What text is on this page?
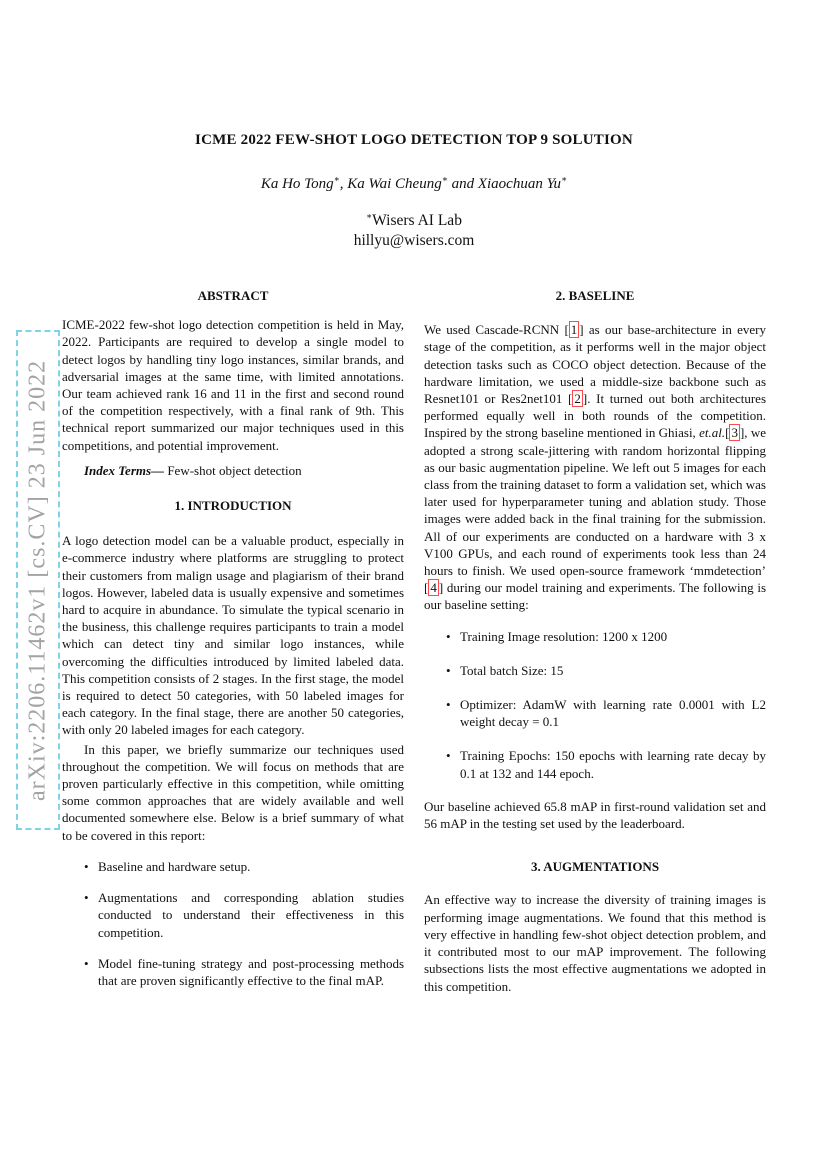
arXiv:2206.11462v1 [cs.CV] 23 Jun 2022
ICME 2022 FEW-SHOT LOGO DETECTION TOP 9 SOLUTION
Ka Ho Tong∗, Ka Wai Cheung∗ and Xiaochuan Yu∗
∗Wisers AI Lab
hillyu@wisers.com
ABSTRACT

ICME-2022 few-shot logo detection competition is held in May, 2022. Participants are required to develop a single model to detect logos by handling tiny logo instances, similar brands, and adversarial images at the same time, with limited annotations. Our team achieved rank 16 and 11 in the first and second round of the competition respectively, with a final rank of 9th. This technical report summarized our major techniques used in this competitions, and potential improvement.

Index Terms— Few-shot object detection

1. INTRODUCTION

A logo detection model can be a valuable product, especially in e-commerce industry where platforms are struggling to protect their customers from malign usage and plagiarism of their brand logos. However, labeled data is usually expensive and sometimes hard to acquire in abundance. To simulate the typical scenario in the business, this challenge requires participants to train a model which can detect tiny and similar logo instances, while overcoming the difficulties introduced by limited labeled data. This competition consists of 2 stages. In the first stage, the model is required to detect 50 categories, with 50 labeled images for each category. In the final stage, there are another 50 categories, with only 20 labeled images for each category.

In this paper, we briefly summarize our techniques used throughout the competition. We will focus on methods that are proven particularly effective in this competition, while omitting some common approaches that are widely available and well documented somewhere else. Below is a brief summary of what to be covered in this report:

• Baseline and hardware setup.
• Augmentations and corresponding ablation studies conducted to understand their effectiveness in this competition.
• Model fine-tuning strategy and post-processing methods that are proven significantly effective to the final mAP.
2. BASELINE

We used Cascade-RCNN [ 1 ] as our base-architecture in every stage of the competition, as it performs well in the major object detection tasks such as COCO object detection. Because of the hardware limitation, we used a middle-size backbone such as Resnet101 or Res2net101 [ 2 ]. It turned out both architectures performed equally well in both rounds of the competition. Inspired by the strong baseline mentioned in Ghiasi, et.al.[ 3 ], we adopted a strong scale-jittering with random horizontal flipping as our basic augmentation pipeline. We left out 5 images for each class from the training dataset to form a validation set, which was later used for hyperparameter tuning and ablation study. Those images were added back in the final training for the submission. All of our experiments are conducted on a hardware with 3 x V100 GPUs, and each round of experiments took less than 24 hours to finish. We used open-source framework ‘mmdetection’ [ 4 ] during our model training and experiments. The following is our baseline setting:

• Training Image resolution: 1200 x 1200
• Total batch Size: 15
• Optimizer: AdamW with learning rate 0.0001 with L2 weight decay = 0.1
• Training Epochs: 150 epochs with learning rate decay by 0.1 at 132 and 144 epoch.

Our baseline achieved 65.8 mAP in first-round validation set and 56 mAP in the testing set used by the leaderboard.

3. AUGMENTATIONS

An effective way to increase the diversity of training images is performing image augmentations. We found that this method is very effective in handling few-shot object detection problem, and it contributed most to our mAP improvement. The following subsections lists the most effective augmentations we adopted in this competition.
